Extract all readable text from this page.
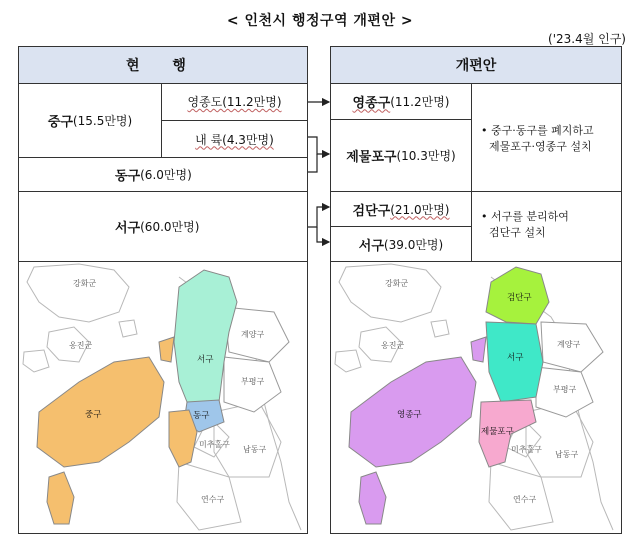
< 인천시 행정구역 개편안 >
('23.4월 인구)
현 행
중구 (15.5만명)
영종도(11.2만명)
내 륙(4.3만명)
동구 (6.0만명)
서구 (60.0만명)
강화군
옹진군
계양구
부평구
미추홀구
남동구
연수구
서구
중구	동구
개편안
영종구 (11.2만명)
제물포구 (10.3만명)
• 중구·동구를 폐지하고
제물포구·영종구 설치
검단구 (21.0만명)
서구 (39.0만명)
• 서구를 분리하여
검단구 설치
강화군
옹진군	계양구
부평구
미추홀구
남동구
연수구
검단구
서구
영종구
제물포구
